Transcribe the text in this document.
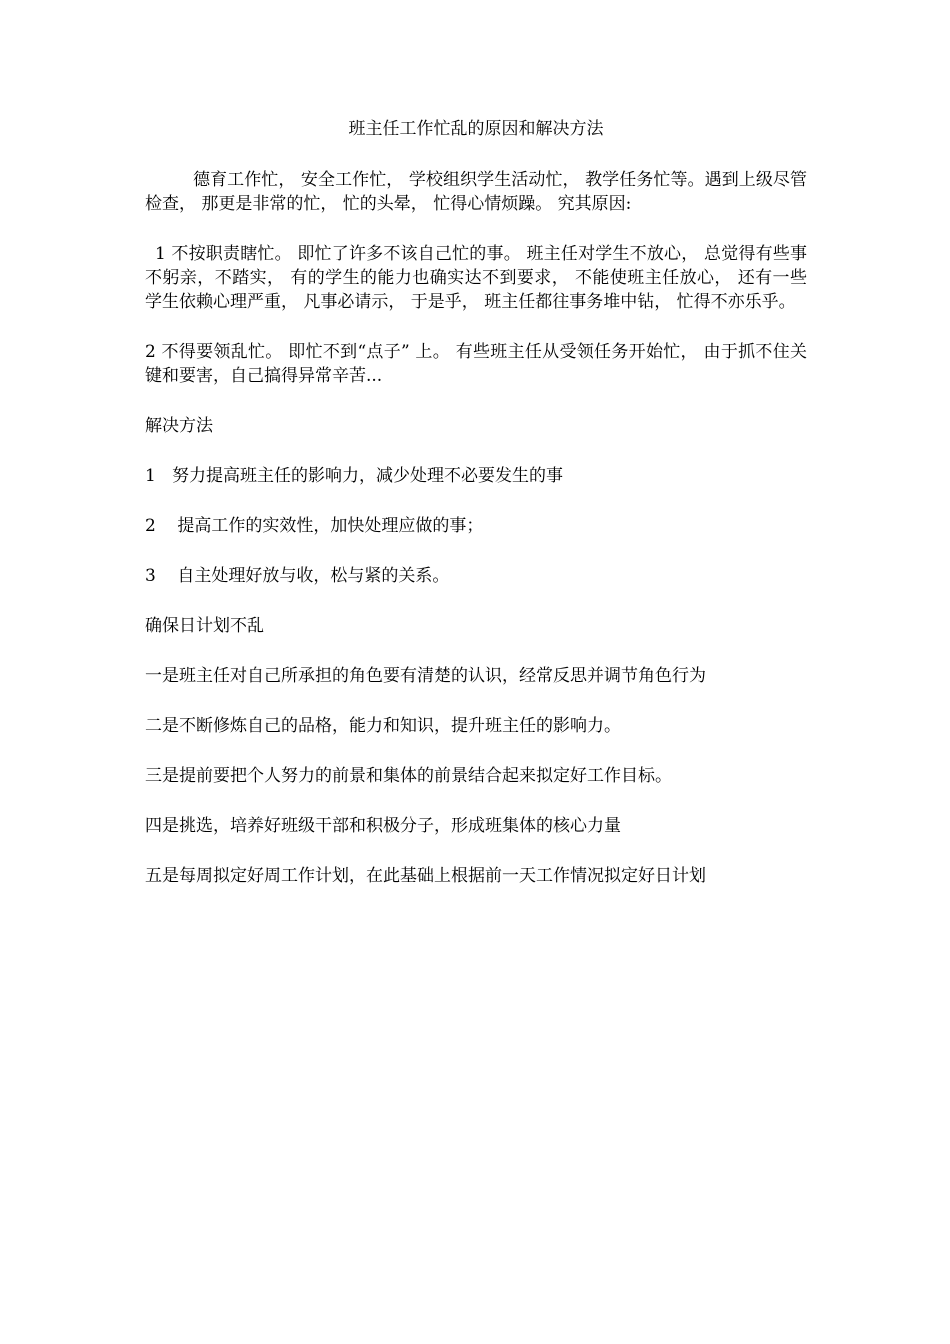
班主任工作忙乱的原因和解决方法
德育工作忙， 安全工作忙， 学校组织学生活动忙， 教学任务忙等。遇到上级尽管检查， 那更是非常的忙， 忙的头晕， 忙得心情烦躁。 究其原因:
1 不按职责瞎忙。 即忙了许多不该自己忙的事。 班主任对学生不放心， 总觉得有些事不躬亲，不踏实， 有的学生的能力也确实达不到要求， 不能使班主任放心， 还有一些 学生依赖心理严重， 凡事必请示， 于是乎， 班主任都往事务堆中钻， 忙得不亦乐乎。
2 不得要领乱忙。 即忙不到“点子” 上。 有些班主任从受领任务开始忙， 由于抓不住关键和要害，自己搞得异常辛苦...
解决方法
1   努力提高班主任的影响力，减少处理不必要发生的事
2    提高工作的实效性，加快处理应做的事；
3    自主处理好放与收，松与紧的关系。
确保日计划不乱
一是班主任对自己所承担的角色要有清楚的认识，经常反思并调节角色行为
二是不断修炼自己的品格，能力和知识，提升班主任的影响力。
三是提前要把个人努力的前景和集体的前景结合起来拟定好工作目标。
四是挑选，培养好班级干部和积极分子，形成班集体的核心力量
五是每周拟定好周工作计划，在此基础上根据前一天工作情况拟定好日计划
